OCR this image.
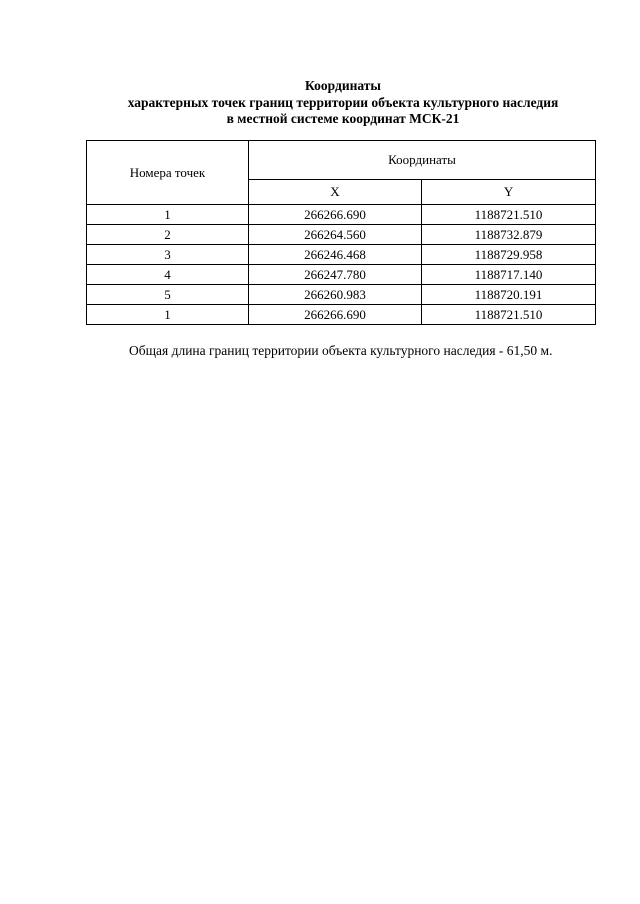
Координаты
характерных точек границ территории объекта культурного наследия
в местной системе координат МСК-21
Номера точек	Координаты	
	X	Y
1	266266.690	1188721.510
2	266264.560	1188732.879
3	266246.468	1188729.958
4	266247.780	1188717.140
5	266260.983	1188720.191
1	266266.690	1188721.510
Общая длина границ территории объекта культурного наследия - 61,50 м.
